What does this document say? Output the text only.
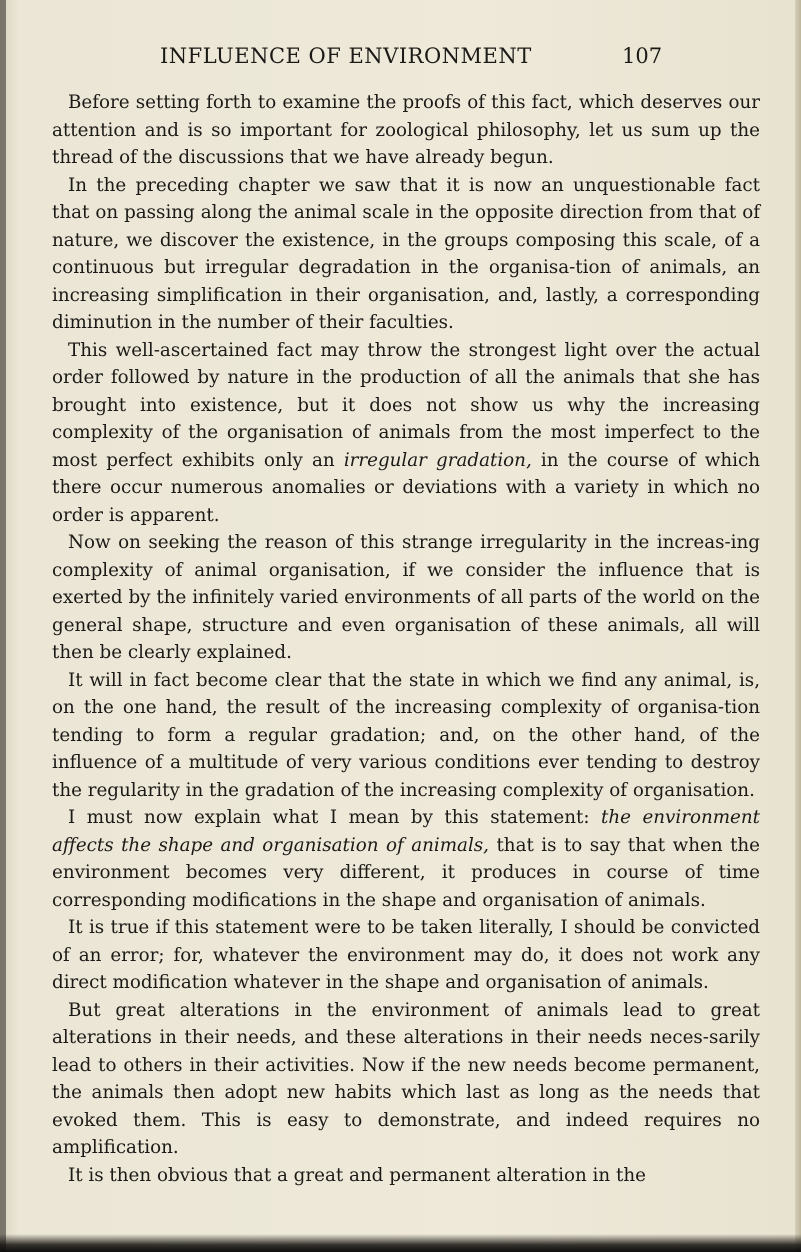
INFLUENCE OF ENVIRONMENT	107

Before setting forth to examine the proofs of this fact, which deserves our attention and is so important for zoological philosophy, let us sum up the thread of the discussions that we have already begun.

In the preceding chapter we saw that it is now an unquestionable fact that on passing along the animal scale in the opposite direction from that of nature, we discover the existence, in the groups composing this scale, of a continuous but irregular degradation in the organisa-tion of animals, an increasing simplification in their organisation, and, lastly, a corresponding diminution in the number of their faculties.

This well-ascertained fact may throw the strongest light over the actual order followed by nature in the production of all the animals that she has brought into existence, but it does not show us why the increasing complexity of the organisation of animals from the most imperfect to the most perfect exhibits only an irregular gradation, in the course of which there occur numerous anomalies or deviations with a variety in which no order is apparent.

Now on seeking the reason of this strange irregularity in the increas-ing complexity of animal organisation, if we consider the influence that is exerted by the infinitely varied environments of all parts of the world on the general shape, structure and even organisation of these animals, all will then be clearly explained.

It will in fact become clear that the state in which we find any animal, is, on the one hand, the result of the increasing complexity of organisa-tion tending to form a regular gradation; and, on the other hand, of the influence of a multitude of very various conditions ever tending to destroy the regularity in the gradation of the increasing complexity of organisation.

I must now explain what I mean by this statement: the environment affects the shape and organisation of animals, that is to say that when the environment becomes very different, it produces in course of time corresponding modifications in the shape and organisation of animals.

It is true if this statement were to be taken literally, I should be convicted of an error; for, whatever the environment may do, it does not work any direct modification whatever in the shape and organisation of animals.

But great alterations in the environment of animals lead to great alterations in their needs, and these alterations in their needs neces-sarily lead to others in their activities. Now if the new needs become permanent, the animals then adopt new habits which last as long as the needs that evoked them. This is easy to demonstrate, and indeed requires no amplification.

It is then obvious that a great and permanent alteration in the
